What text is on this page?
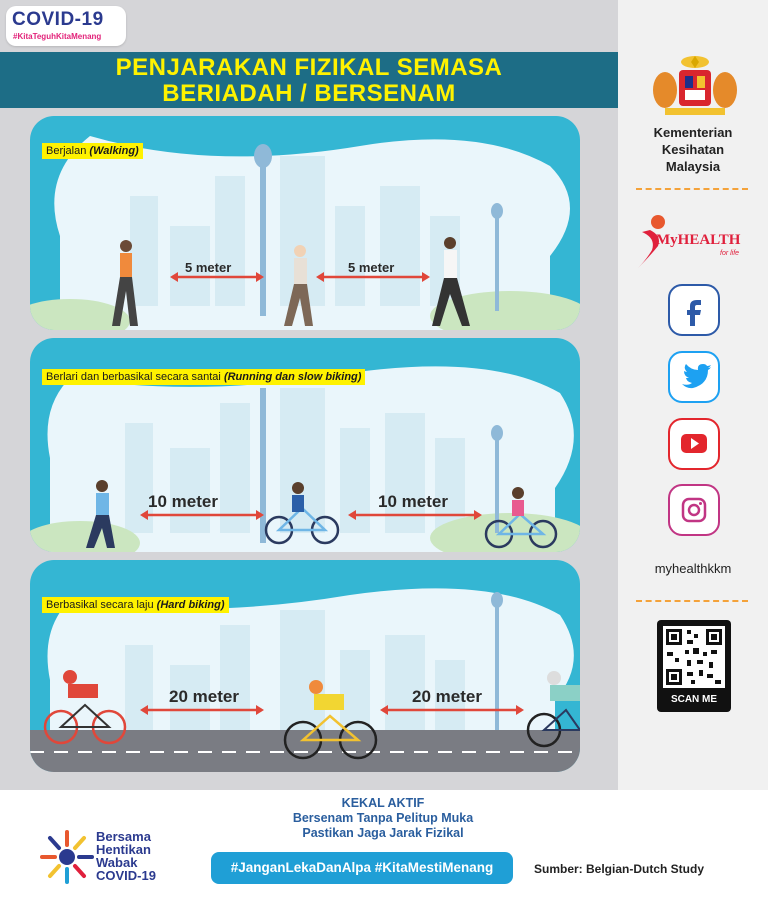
COVID-19
#KitaTeguhKitaMenang
PENJARAKAN FIZIKAL SEMASA
BERIADAH / BERSENAM
Berjalan (Walking)
5 meter	5 meter
Berlari dan berbasikal secara santai (Running dan slow biking)
10 meter	10 meter
Berbasikal secara laju (Hard biking)
20 meter	20 meter
Kementerian
Kesihatan
Malaysia
MyHEALTH
for life
myhealthkkm
SCAN ME
Bersama
Hentikan
Wabak
COVID-19
KEKAL AKTIF
Bersenam Tanpa Pelitup Muka
Pastikan Jaga Jarak Fizikal
#JanganLekaDanAlpa #KitaMestiMenang	Sumber: Belgian-Dutch Study
